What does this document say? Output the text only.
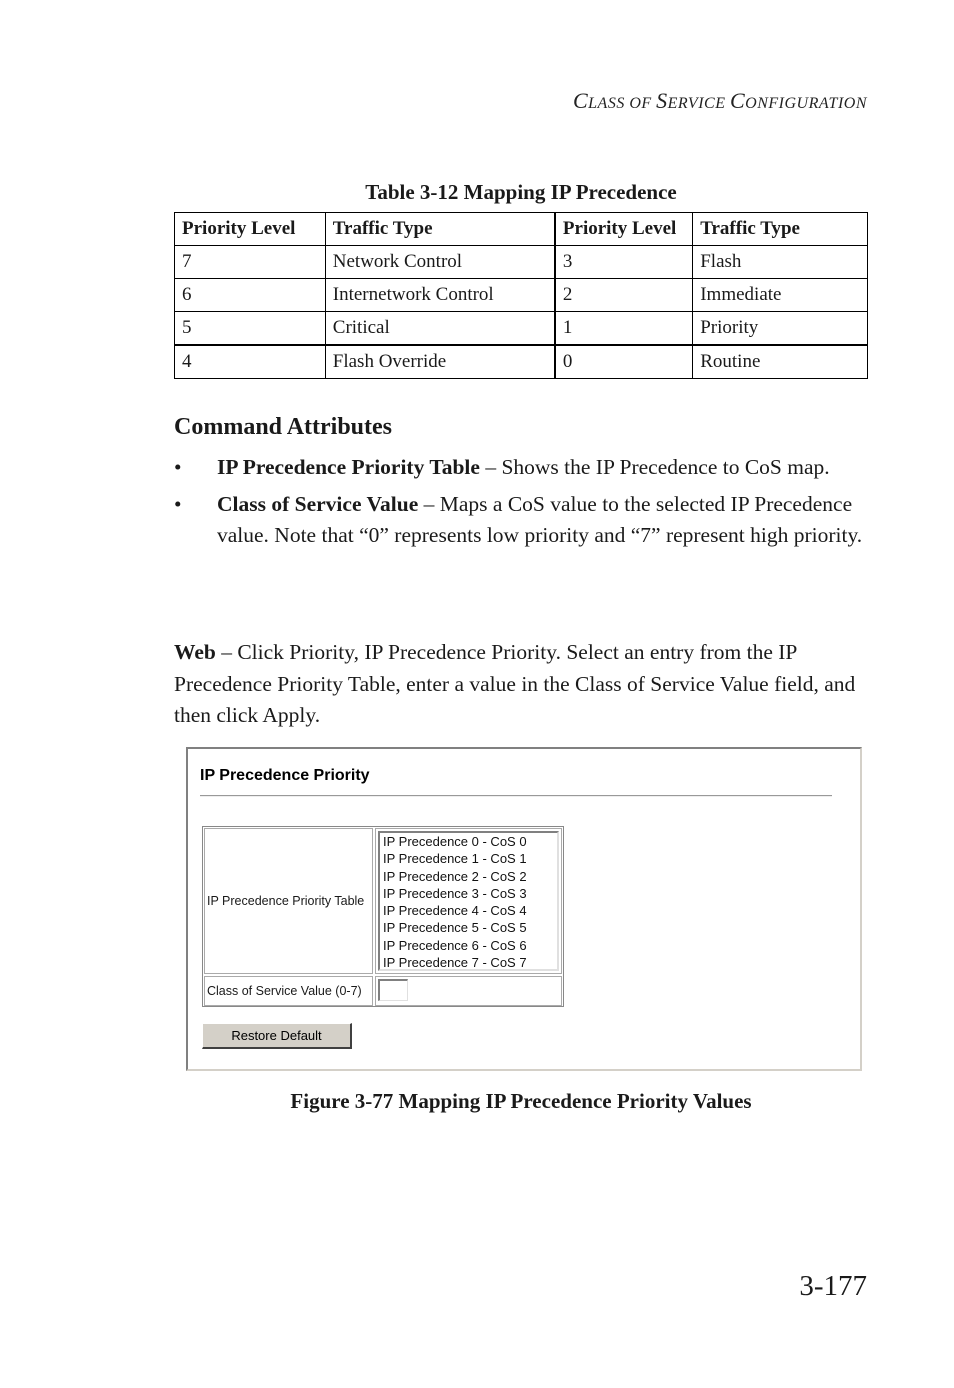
CLASS OF SERVICE CONFIGURATION
Table 3-12 Mapping IP Precedence
Priority Level	Traffic Type	Priority Level	Traffic Type
7	Network Control	3	Flash
6	Internetwork Control	2	Immediate
5	Critical	1	Priority
4	Flash Override	0	Routine
Command Attributes
• IP Precedence Priority Table – Shows the IP Precedence to CoS map.
• Class of Service Value – Maps a CoS value to the selected IP Precedence value. Note that “0” represents low priority and “7” represent high priority.
Web – Click Priority, IP Precedence Priority. Select an entry from the IP Precedence Priority Table, enter a value in the Class of Service Value field, and then click Apply.
IP Precedence Priority
IP Precedence Priority Table
IP Precedence 0 - CoS 0
IP Precedence 1 - CoS 1
IP Precedence 2 - CoS 2
IP Precedence 3 - CoS 3
IP Precedence 4 - CoS 4
IP Precedence 5 - CoS 5
IP Precedence 6 - CoS 6
IP Precedence 7 - CoS 7
Class of Service Value (0-7)
Restore Default
Figure 3-77 Mapping IP Precedence Priority Values
3-177
